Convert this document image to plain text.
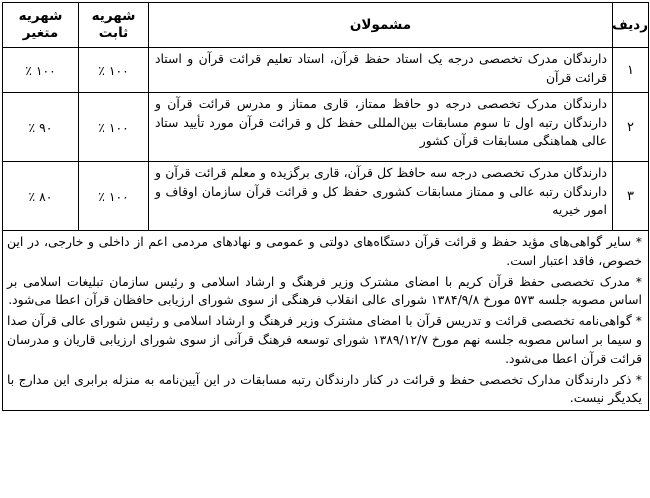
ردیف	مشمولان	شهریه ثابت	شهریه متغیر
۱	دارندگان مدرک تخصصی درجه یک استاد حفظ قرآن، استاد تعلیم قرائت قرآن و استاد قرائت قرآن	٪ ۱۰۰	٪ ۱۰۰
۲	دارندگان مدرک تخصصی درجه دو حافظ ممتاز، قاری ممتاز و مدرس قرائت قرآن و دارندگان رتبه اول تا سوم مسابقات بین‌المللی حفظ کل و قرائت قرآن مورد تأیید ستاد عالی هماهنگی مسابقات قرآن کشور	٪ ۱۰۰	٪ ۹۰
۳	دارندگان مدرک تخصصی درجه سه حافظ کل قرآن، قاری برگزیده و معلم قرائت قرآن و دارندگان رتبه عالی و ممتاز مسابقات کشوری حفظ کل و قرائت قرآن سازمان اوقاف و امور خیریه	٪ ۱۰۰	٪ ۸۰

* سایر گواهی‌های مؤید حفظ و قرائت قرآن دستگاه‌های دولتی و عمومی و نهادهای مردمی اعم از داخلی و خارجی، در این خصوص، فاقد اعتبار است.

* مدرک تخصصی حفظ قرآن کریم با امضای مشترک وزیر فرهنگ و ارشاد اسلامی و رئیس سازمان تبلیغات اسلامی بر اساس مصوبه جلسه ۵۷۳ مورخ ۱۳۸۴/۹/۸ شورای عالی انقلاب فرهنگی از سوی شورای ارزیابی حافظان قرآن اعطا می‌شود.

* گواهی‌نامه تخصصی قرائت و تدریس قرآن با امضای مشترک وزیر فرهنگ و ارشاد اسلامی و رئیس شورای عالی قرآن صدا و سیما بر اساس مصوبه جلسه نهم مورخ ۱۳۸۹/۱۲/۷ شورای توسعه فرهنگ قرآنی از سوی شورای ارزیابی قاریان و مدرسان قرائت قرآن اعطا می‌شود.

* ذکر دارندگان مدارک تخصصی حفظ و قرائت در کنار دارندگان رتبه مسابقات در این آیین‌نامه به منزله برابری این مدارج با یکدیگر نیست.			
